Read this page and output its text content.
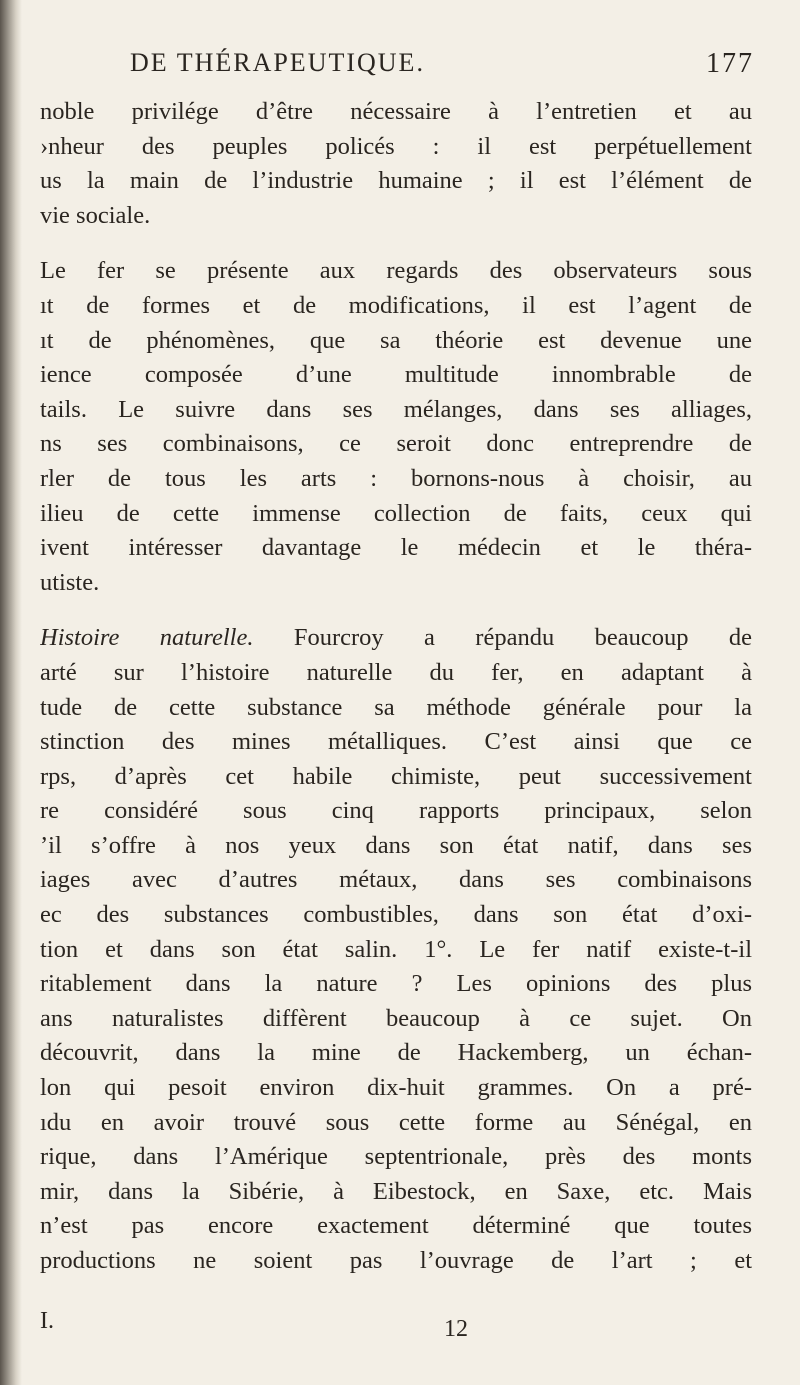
DE THÉRAPEUTIQUE.	177
noble privilége d’être nécessaire à l’entretien et au
›nheur des peuples policés : il est perpétuellement
us la main de l’industrie humaine ; il est l’élément de
vie sociale.
Le fer se présente aux regards des observateurs sous
ıt de formes et de modifications, il est l’agent de
ıt de phénomènes, que sa théorie est devenue une
ience composée d’une multitude innombrable de
tails. Le suivre dans ses mélanges, dans ses alliages,
ns ses combinaisons, ce seroit donc entreprendre de
rler de tous les arts : bornons-nous à choisir, au
ilieu de cette immense collection de faits, ceux qui
ivent intéresser davantage le médecin et le théra-
utiste.
Histoire naturelle. Fourcroy a répandu beaucoup de
arté sur l’histoire naturelle du fer, en adaptant à
tude de cette substance sa méthode générale pour la
stinction des mines métalliques. C’est ainsi que ce
rps, d’après cet habile chimiste, peut successivement
re considéré sous cinq rapports principaux, selon
’il s’offre à nos yeux dans son état natif, dans ses
iages avec d’autres métaux, dans ses combinaisons
ec des substances combustibles, dans son état d’oxi-
tion et dans son état salin. 1°. Le fer natif existe-t-il
ritablement dans la nature ? Les opinions des plus
ans naturalistes diffèrent beaucoup à ce sujet. On
découvrit, dans la mine de Hackemberg, un échan-
lon qui pesoit environ dix-huit grammes. On a pré-
ıdu en avoir trouvé sous cette forme au Sénégal, en
rique, dans l’Amérique septentrionale, près des monts
mir, dans la Sibérie, à Eibestock, en Saxe, etc. Mais
n’est pas encore exactement déterminé que toutes
productions ne soient pas l’ouvrage de l’art ; et
I.	12
